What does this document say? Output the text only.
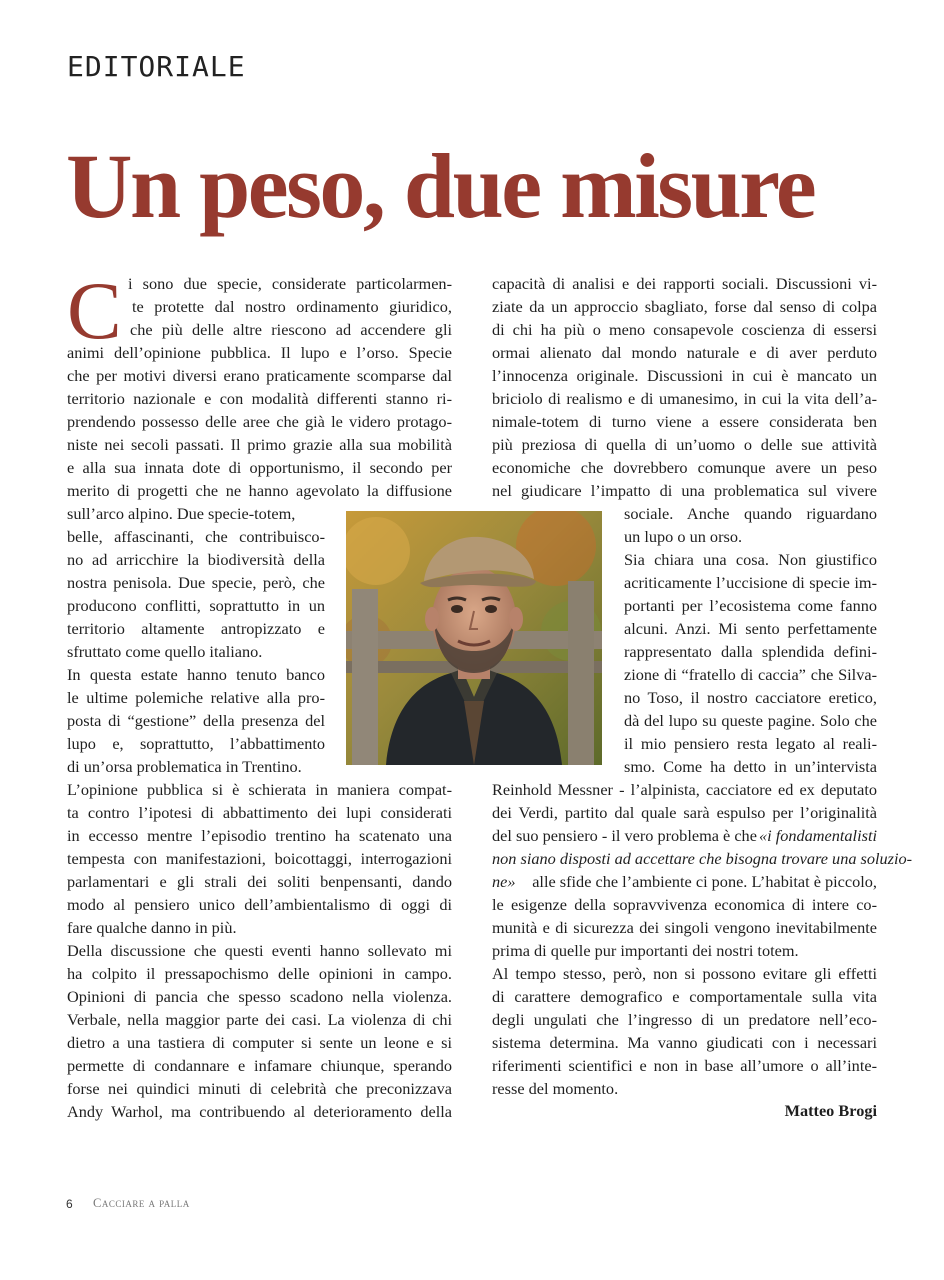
EDITORIALE
Un peso, due misure
C i sono due specie, considerate particolarmen-
te protette dal nostro ordinamento giuridico,
che più delle altre riescono ad accendere gli
animi dell’opinione pubblica. Il lupo e l’orso. Specie
che per motivi diversi erano praticamente scomparse dal
territorio nazionale e con modalità differenti stanno ri-
prendendo possesso delle aree che già le videro protago-
niste nei secoli passati. Il primo grazie alla sua mobilità
e alla sua innata dote di opportunismo, il secondo per
merito di progetti che ne hanno agevolato la diffusione
sull’arco alpino. Due specie-totem,
belle, affascinanti, che contribuisco-
no ad arricchire la biodiversità della
nostra penisola. Due specie, però, che
producono conflitti, soprattutto in un
territorio altamente antropizzato e
sfruttato come quello italiano.
In questa estate hanno tenuto banco
le ultime polemiche relative alla pro-
posta di “gestione” della presenza del
lupo e, soprattutto, l’abbattimento
di un’orsa problematica in Trentino.
L’opinione pubblica si è schierata in maniera compat-
ta contro l’ipotesi di abbattimento dei lupi considerati
in eccesso mentre l’episodio trentino ha scatenato una
tempesta con manifestazioni, boicottaggi, interrogazioni
parlamentari e gli strali dei soliti benpensanti, dando
modo al pensiero unico dell’ambientalismo di oggi di
fare qualche danno in più.
Della discussione che questi eventi hanno sollevato mi
ha colpito il pressapochismo delle opinioni in campo.
Opinioni di pancia che spesso scadono nella violenza.
Verbale, nella maggior parte dei casi. La violenza di chi
dietro a una tastiera di computer si sente un leone e si
permette di condannare e infamare chiunque, sperando
forse nei quindici minuti di celebrità che preconizzava
Andy Warhol, ma contribuendo al deterioramento della
capacità di analisi e dei rapporti sociali. Discussioni vi-
ziate da un approccio sbagliato, forse dal senso di colpa
di chi ha più o meno consapevole coscienza di essersi
ormai alienato dal mondo naturale e di aver perduto
l’innocenza originale. Discussioni in cui è mancato un
briciolo di realismo e di umanesimo, in cui la vita dell’a-
nimale-totem di turno viene a essere considerata ben
più preziosa di quella di un’uomo o delle sue attività
economiche che dovrebbero comunque avere un peso
nel giudicare l’impatto di una problematica sul vivere
sociale. Anche quando riguardano
un lupo o un orso.
Sia chiara una cosa. Non giustifico
acriticamente l’uccisione di specie im-
portanti per l’ecosistema come fanno
alcuni. Anzi. Mi sento perfettamente
rappresentato dalla splendida defini-
zione di “fratello di caccia” che Silva-
no Toso, il nostro cacciatore eretico,
dà del lupo su queste pagine. Solo che
il mio pensiero resta legato al reali-
smo. Come ha detto in un’intervista
Reinhold Messner - l’alpinista, cacciatore ed ex deputato
dei Verdi, partito dal quale sarà espulso per l’originalità
del suo pensiero - il vero problema è che «i fondamentalisti
non siano disposti ad accettare che bisogna trovare una soluzio-
ne» alle sfide che l’ambiente ci pone. L’habitat è piccolo,
le esigenze della sopravvivenza economica di intere co-
munità e di sicurezza dei singoli vengono inevitabilmente
prima di quelle pur importanti dei nostri totem.
Al tempo stesso, però, non si possono evitare gli effetti
di carattere demografico e comportamentale sulla vita
degli ungulati che l’ingresso di un predatore nell’eco-
sistema determina. Ma vanno giudicati con i necessari
riferimenti scientifici e non in base all’umore o all’inte-
resse del momento.
Matteo Brogi
6 Cacciare a palla
